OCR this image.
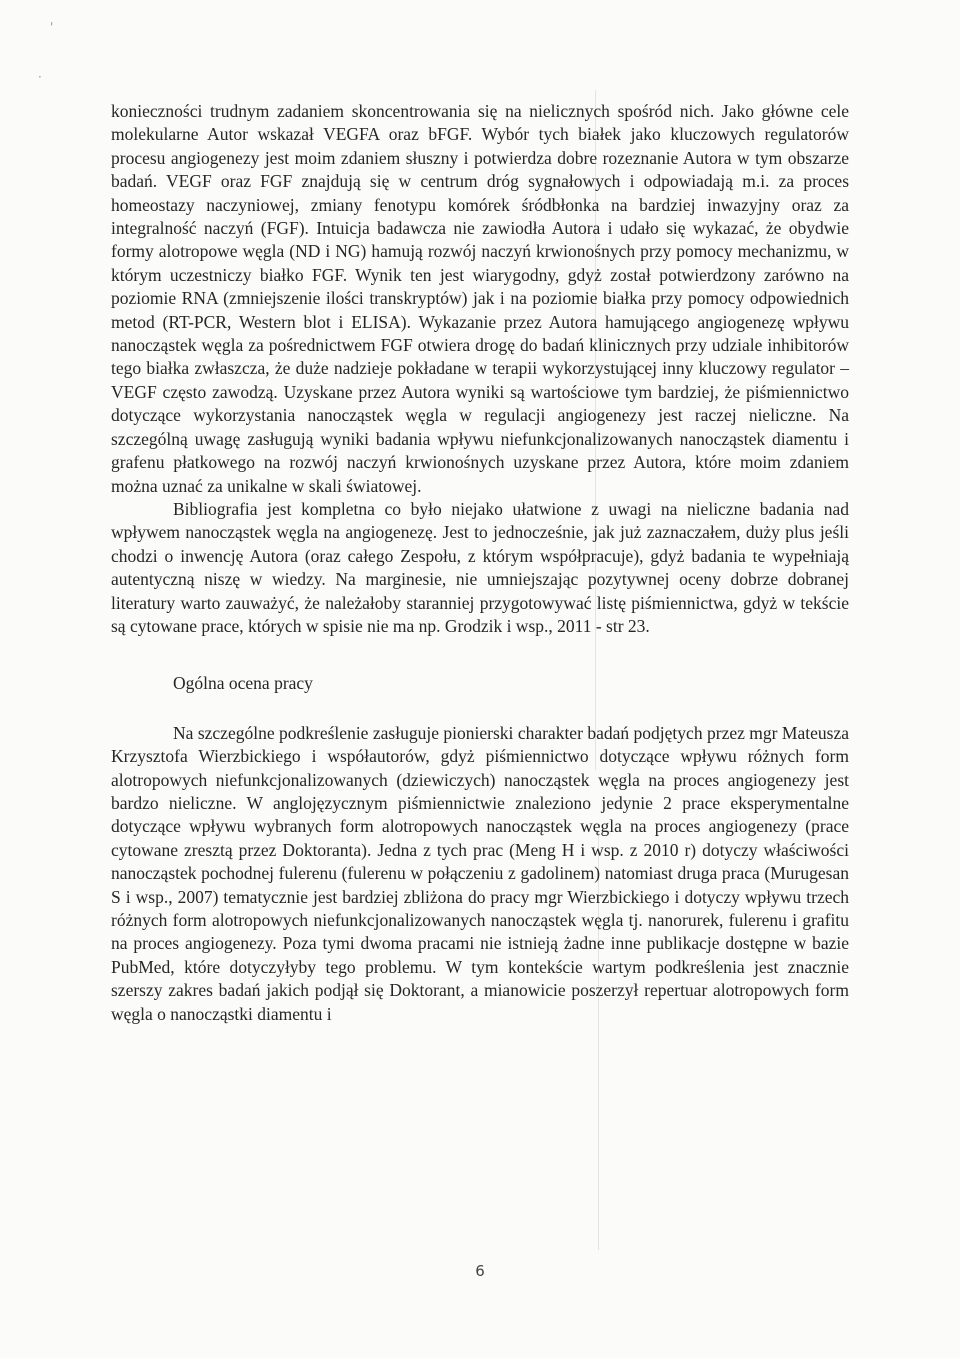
'
·

konieczności trudnym zadaniem skoncentrowania się na nielicznych spośród nich. Jako główne cele molekularne Autor wskazał VEGFA oraz bFGF. Wybór tych białek jako kluczowych regulatorów procesu angiogenezy jest moim zdaniem słuszny i potwierdza dobre rozeznanie Autora w tym obszarze badań. VEGF oraz FGF znajdują się w centrum dróg sygnałowych i odpowiadają m.i. za proces homeostazy naczyniowej, zmiany fenotypu komórek śródbłonka na bardziej inwazyjny oraz za integralność naczyń (FGF). Intuicja badawcza nie zawiodła Autora i udało się wykazać, że obydwie formy alotropowe węgla (ND i NG) hamują rozwój naczyń krwionośnych przy pomocy mechanizmu, w którym uczestniczy białko FGF. Wynik ten jest wiarygodny, gdyż został potwierdzony zarówno na poziomie RNA (zmniejszenie ilości transkryptów) jak i na poziomie białka przy pomocy odpowiednich metod (RT-PCR, Western blot i ELISA). Wykazanie przez Autora hamującego angiogenezę wpływu nanocząstek węgla za pośrednictwem FGF otwiera drogę do badań klinicznych przy udziale inhibitorów tego białka zwłaszcza, że duże nadzieje pokładane w terapii wykorzystującej inny kluczowy regulator – VEGF często zawodzą. Uzyskane przez Autora wyniki są wartościowe tym bardziej, że piśmiennictwo dotyczące wykorzystania nanocząstek węgla w regulacji angiogenezy jest raczej nieliczne. Na szczególną uwagę zasługują wyniki badania wpływu niefunkcjonalizowanych nanocząstek diamentu i grafenu płatkowego na rozwój naczyń krwionośnych uzyskane przez Autora, które moim zdaniem można uznać za unikalne w skali światowej.

Bibliografia jest kompletna co było niejako ułatwione z uwagi na nieliczne badania nad wpływem nanocząstek węgla na angiogenezę. Jest to jednocześnie, jak już zaznaczałem, duży plus jeśli chodzi o inwencję Autora (oraz całego Zespołu, z którym współpracuje), gdyż badania te wypełniają autentyczną niszę w wiedzy. Na marginesie, nie umniejszając pozytywnej oceny dobrze dobranej literatury warto zauważyć, że należałoby staranniej przygotowywać listę piśmiennictwa, gdyż w tekście są cytowane prace, których w spisie nie ma np. Grodzik i wsp., 2011 - str 23.

Ogólna ocena pracy

Na szczególne podkreślenie zasługuje pionierski charakter badań podjętych przez mgr Mateusza Krzysztofa Wierzbickiego i współautorów, gdyż piśmiennictwo dotyczące wpływu różnych form alotropowych niefunkcjonalizowanych (dziewiczych) nanocząstek węgla na proces angiogenezy jest bardzo nieliczne. W anglojęzycznym piśmiennictwie znaleziono jedynie 2 prace eksperymentalne dotyczące wpływu wybranych form alotropowych nanocząstek węgla na proces angiogenezy (prace cytowane zresztą przez Doktoranta). Jedna z tych prac (Meng H i wsp. z 2010 r) dotyczy właściwości nanocząstek pochodnej fulerenu (fulerenu w połączeniu z gadolinem) natomiast druga praca (Murugesan S i wsp., 2007) tematycznie jest bardziej zbliżona do pracy mgr Wierzbickiego i dotyczy wpływu trzech różnych form alotropowych niefunkcjonalizowanych nanocząstek węgla tj. nanorurek, fulerenu i grafitu na proces angiogenezy. Poza tymi dwoma pracami nie istnieją żadne inne publikacje dostępne w bazie PubMed, które dotyczyłyby tego problemu. W tym kontekście wartym podkreślenia jest znacznie szerszy zakres badań jakich podjął się Doktorant, a mianowicie poszerzył repertuar alotropowych form węgla o nanocząstki diamentu i

6
